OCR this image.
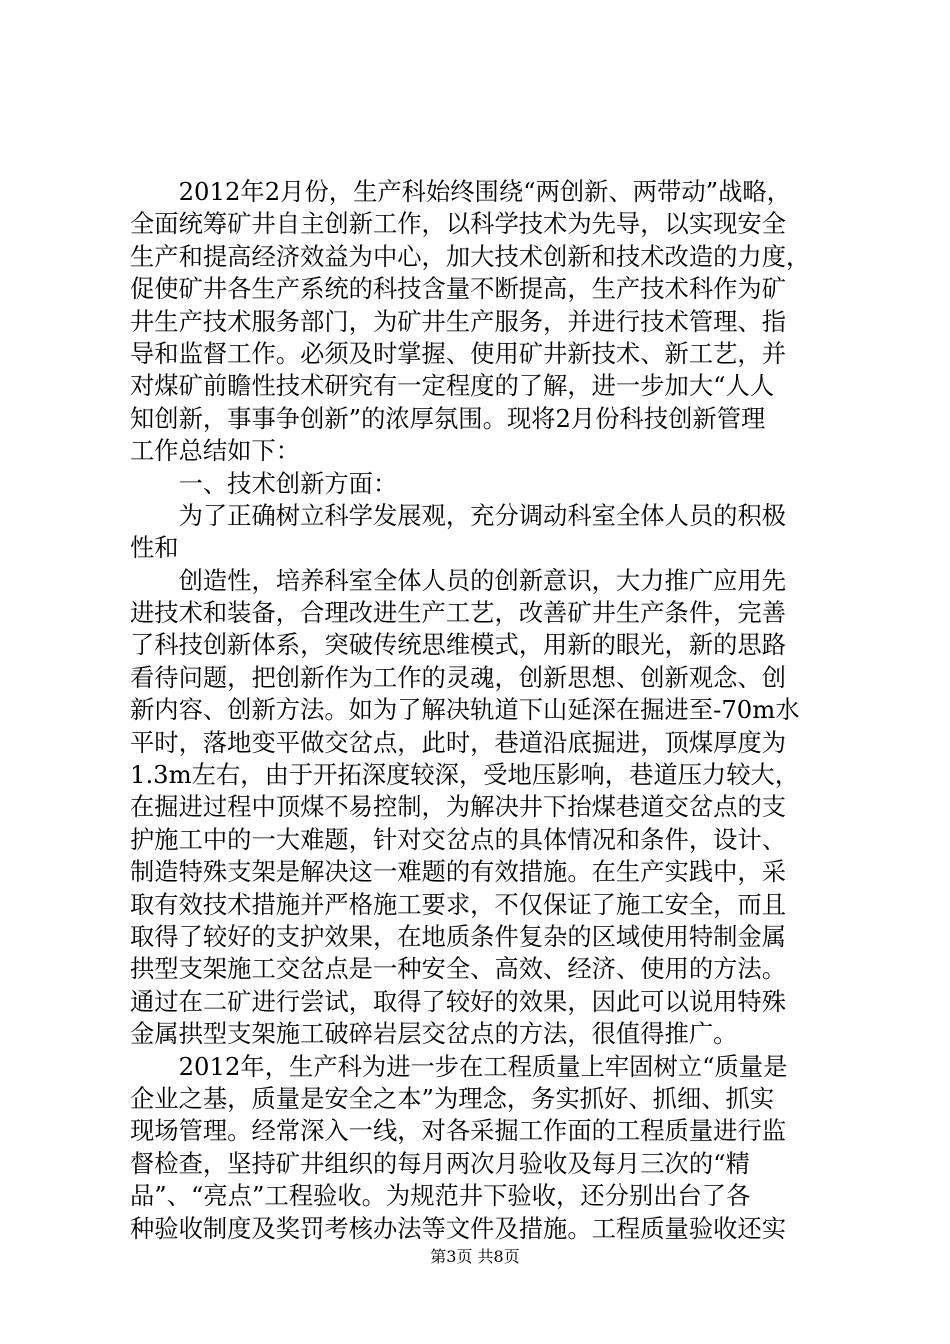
　　2012年2月份，生产科始终围绕“两创新、两带动”战略，
全面统筹矿井自主创新工作，以科学技术为先导，以实现安全
生产和提高经济效益为中心，加大技术创新和技术改造的力度，
促使矿井各生产系统的科技含量不断提高，生产技术科作为矿
井生产技术服务部门，为矿井生产服务，并进行技术管理、指
导和监督工作。必须及时掌握、使用矿井新技术、新工艺，并
对煤矿前瞻性技术研究有一定程度的了解，进一步加大“人人
知创新，事事争创新”的浓厚氛围。现将2月份科技创新管理
工作总结如下：
　　一、技术创新方面：
　　为了正确树立科学发展观，充分调动科室全体人员的积极
性和
　　创造性，培养科室全体人员的创新意识，大力推广应用先
进技术和装备，合理改进生产工艺，改善矿井生产条件，完善
了科技创新体系，突破传统思维模式，用新的眼光，新的思路
看待问题，把创新作为工作的灵魂，创新思想、创新观念、创
新内容、创新方法。如为了解决轨道下山延深在掘进至-70m水
平时，落地变平做交岔点，此时，巷道沿底掘进，顶煤厚度为
1.3m左右，由于开拓深度较深，受地压影响，巷道压力较大，
在掘进过程中顶煤不易控制，为解决井下抬煤巷道交岔点的支
护施工中的一大难题，针对交岔点的具体情况和条件，设计、
制造特殊支架是解决这一难题的有效措施。在生产实践中，采
取有效技术措施并严格施工要求，不仅保证了施工安全，而且
取得了较好的支护效果，在地质条件复杂的区域使用特制金属
拱型支架施工交岔点是一种安全、高效、经济、使用的方法。
通过在二矿进行尝试，取得了较好的效果，因此可以说用特殊
金属拱型支架施工破碎岩层交岔点的方法，很值得推广。
　　2012年，生产科为进一步在工程质量上牢固树立“质量是
企业之基，质量是安全之本”为理念，务实抓好、抓细、抓实
现场管理。经常深入一线，对各采掘工作面的工程质量进行监
督检查，坚持矿井组织的每月两次月验收及每月三次的“精
品”、“亮点”工程验收。为规范井下验收，还分别出台了各
种验收制度及奖罚考核办法等文件及措施。工程质量验收还实
第3页 共8页
